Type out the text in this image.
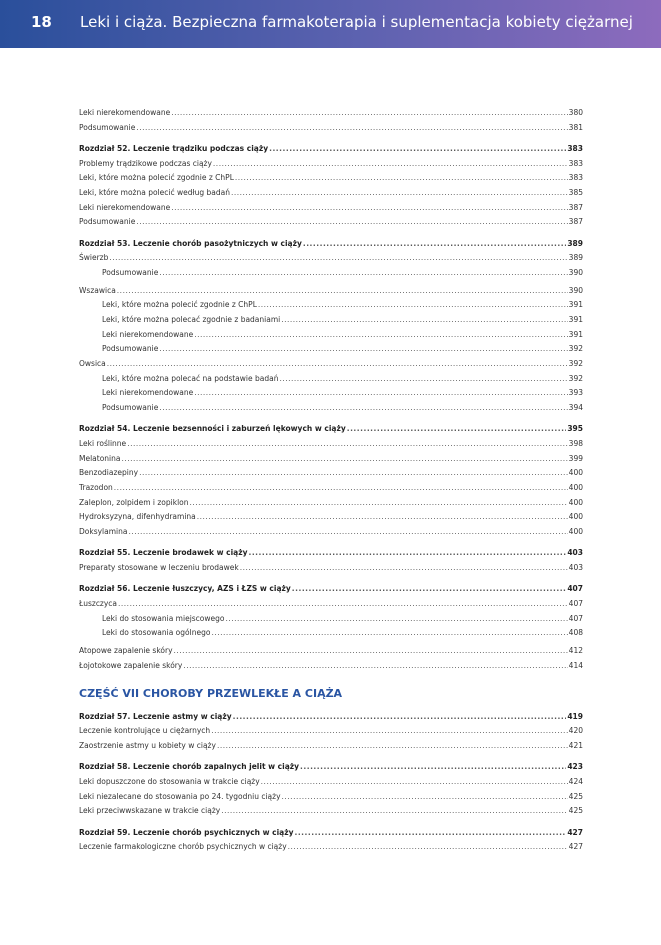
18 Leki i ciąża. Bezpieczna farmakoterapia i suplementacja kobiety ciężarnej
Leki nierekomendowane .....	380
Podsumowanie .....	381
Rozdział 52. Leczenie trądziku podczas ciąży .....	383
Problemy trądzikowe podczas ciąży .....	383
Leki, które można polecić zgodnie z ChPL .....	383
Leki, które można polecić według badań .....	385
Leki nierekomendowane .....	387
Podsumowanie .....	387
Rozdział 53. Leczenie chorób pasożytniczych w ciąży .....	389
Świerzb .....	389
Podsumowanie .....	390
Wszawica .....	390
Leki, które można polecić zgodnie z ChPL .....	391
Leki, które można polecać zgodnie z badaniami .....	391
Leki nierekomendowane .....	391
Podsumowanie .....	392
Owsica .....	392
Leki, które można polecać na podstawie badań .....	392
Leki nierekomendowane .....	393
Podsumowanie .....	394
Rozdział 54. Leczenie bezsenności i zaburzeń lękowych w ciąży .....	395
Leki roślinne .....	398
Melatonina .....	399
Benzodiazepiny .....	400
Trazodon .....	400
Zaleplon, zolpidem i zopiklon .....	400
Hydroksyzyna, difenhydramina .....	400
Doksylamina .....	400
Rozdział 55. Leczenie brodawek w ciąży .....	403
Preparaty stosowane w leczeniu brodawek .....	403
Rozdział 56. Leczenie łuszczycy, AZS i ŁZS w ciąży .....	407
Łuszczyca .....	407
Leki do stosowania miejscowego .....	407
Leki do stosowania ogólnego .....	408
Atopowe zapalenie skóry .....	412
Łojotokowe zapalenie skóry .....	414
CZĘŚĆ VII CHOROBY PRZEWLEKŁE A CIĄŻA
Rozdział 57. Leczenie astmy w ciąży .....	419
Leczenie kontrolujące u ciężarnych .....	420
Zaostrzenie astmy u kobiety w ciąży .....	421
Rozdział 58. Leczenie chorób zapalnych jelit w ciąży .....	423
Leki dopuszczone do stosowania w trakcie ciąży .....	424
Leki niezalecane do stosowania po 24. tygodniu ciąży .....	425
Leki przeciwwskazane w trakcie ciąży .....	425
Rozdział 59. Leczenie chorób psychicznych w ciąży .....	427
Leczenie farmakologiczne chorób psychicznych w ciąży .....	427
